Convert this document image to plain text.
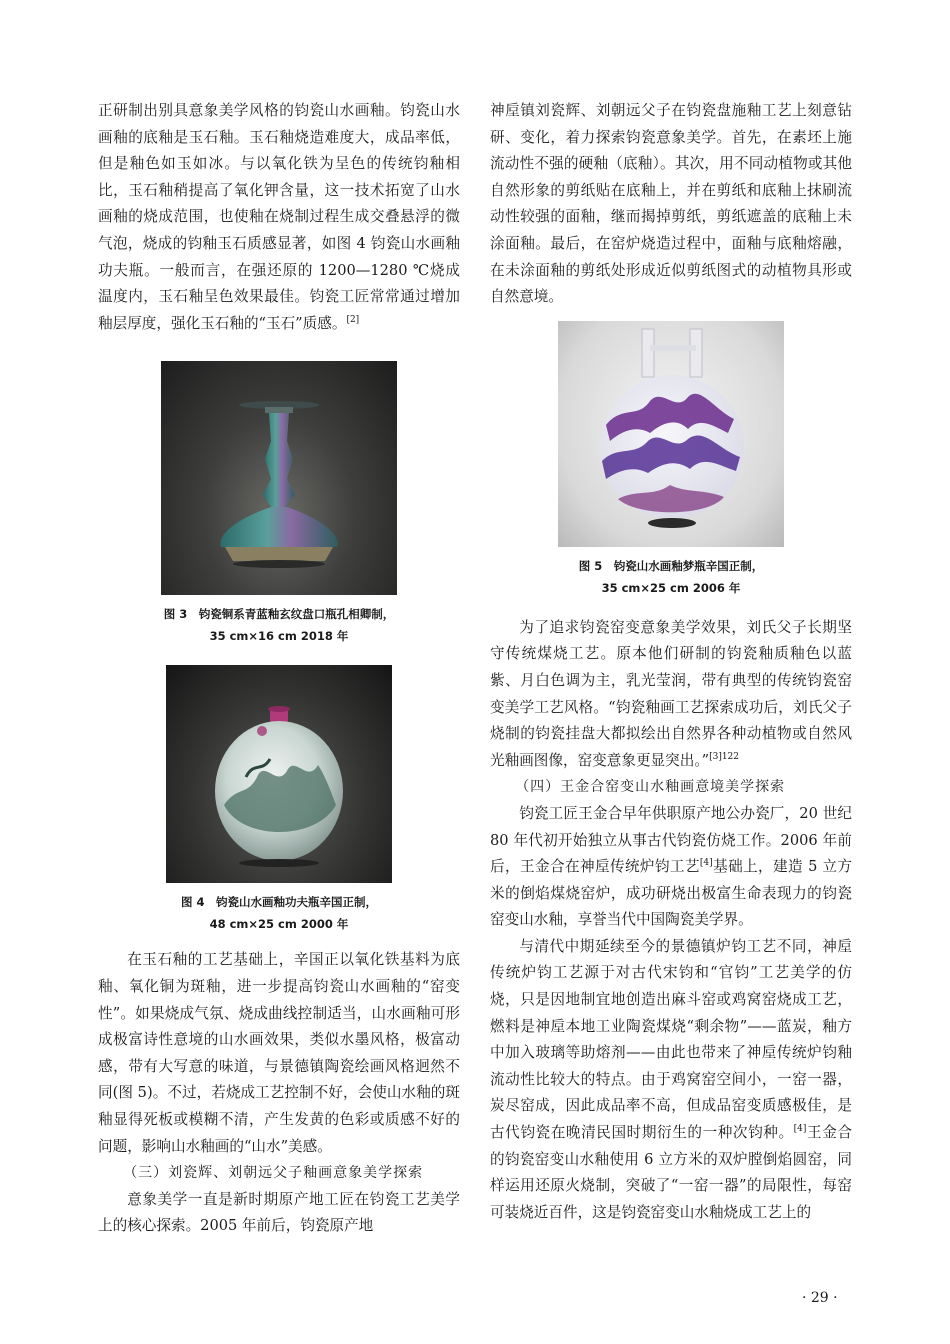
正研制出别具意象美学风格的钧瓷山水画釉。钧瓷山水画釉的底釉是玉石釉。玉石釉烧造难度大，成品率低，但是釉色如玉如冰。与以氧化铁为呈色的传统钧釉相比，玉石釉稍提高了氧化钾含量，这一技术拓宽了山水画釉的烧成范围，也使釉在烧制过程生成交叠悬浮的微气泡，烧成的钧釉玉石质感显著，如图 4 钧瓷山水画釉功夫瓶。一般而言，在强还原的 1200—1280 ℃烧成温度内，玉石釉呈色效果最佳。钧瓷工匠常常通过增加釉层厚度，强化玉石釉的“玉石”质感。[2]

图 3　钧瓷铜系青蓝釉玄纹盘口瓶孔相卿制，
35 cm×16 cm 2018 年
图 4　钧瓷山水画釉功夫瓶辛国正制，
48 cm×25 cm 2000 年

在玉石釉的工艺基础上，辛国正以氧化铁基料为底釉、氧化铜为斑釉，进一步提高钧瓷山水画釉的“窑变性”。如果烧成气氛、烧成曲线控制适当，山水画釉可形成极富诗性意境的山水画效果，类似水墨风格，极富动感，带有大写意的味道，与景德镇陶瓷绘画风格迥然不同(图 5)。不过，若烧成工艺控制不好，会使山水釉的斑釉显得死板或模糊不清，产生发黄的色彩或质感不好的问题，影响山水釉画的“山水”美感。

（三）刘瓷辉、刘朝远父子釉画意象美学探索

意象美学一直是新时期原产地工匠在钧瓷工艺美学上的核心探索。2005 年前后，钧瓷原产地

神垕镇刘瓷辉、刘朝远父子在钧瓷盘施釉工艺上刻意钻研、变化，着力探索钧瓷意象美学。首先，在素坯上施流动性不强的硬釉（底釉）。其次，用不同动植物或其他自然形象的剪纸贴在底釉上，并在剪纸和底釉上抹刷流动性较强的面釉，继而揭掉剪纸，剪纸遮盖的底釉上未涂面釉。最后，在窑炉烧造过程中，面釉与底釉熔融，在未涂面釉的剪纸处形成近似剪纸图式的动植物具形或自然意境。

图 5　钧瓷山水画釉梦瓶辛国正制，
35 cm×25 cm 2006 年

为了追求钧瓷窑变意象美学效果，刘氏父子长期坚守传统煤烧工艺。原本他们研制的钧瓷釉质釉色以蓝紫、月白色调为主，乳光莹润，带有典型的传统钧瓷窑变美学工艺风格。“钧瓷釉画工艺探索成功后，刘氏父子烧制的钧瓷挂盘大都拟绘出自然界各种动植物或自然风光釉画图像，窑变意象更显突出。”$^{[3]122}$

（四）王金合窑变山水釉画意境美学探索

钧瓷工匠王金合早年供职原产地公办瓷厂，20 世纪 80 年代初开始独立从事古代钧瓷仿烧工作。2006 年前后，王金合在神垕传统炉钧工艺[4]基础上，建造 5 立方米的倒焰煤烧窑炉，成功研烧出极富生命表现力的钧瓷窑变山水釉，享誉当代中国陶瓷美学界。

与清代中期延续至今的景德镇炉钧工艺不同，神垕传统炉钧工艺源于对古代宋钧和“官钧”工艺美学的仿烧，只是因地制宜地创造出麻斗窑或鸡窝窑烧成工艺，燃料是神垕本地工业陶瓷煤烧“剩余物”——蓝炭，釉方中加入玻璃等助熔剂——由此也带来了神垕传统炉钧釉流动性比较大的特点。由于鸡窝窑空间小，一窑一器，炭尽窑成，因此成品率不高，但成品窑变质感极佳，是古代钧瓷在晚清民国时期衍生的一种次钧种。[4]王金合的钧瓷窑变山水釉使用 6 立方米的双炉膛倒焰圆窑，同样运用还原火烧制，突破了“一窑一器”的局限性，每窑可装烧近百件，这是钧瓷窑变山水釉烧成工艺上的

· 29 ·
